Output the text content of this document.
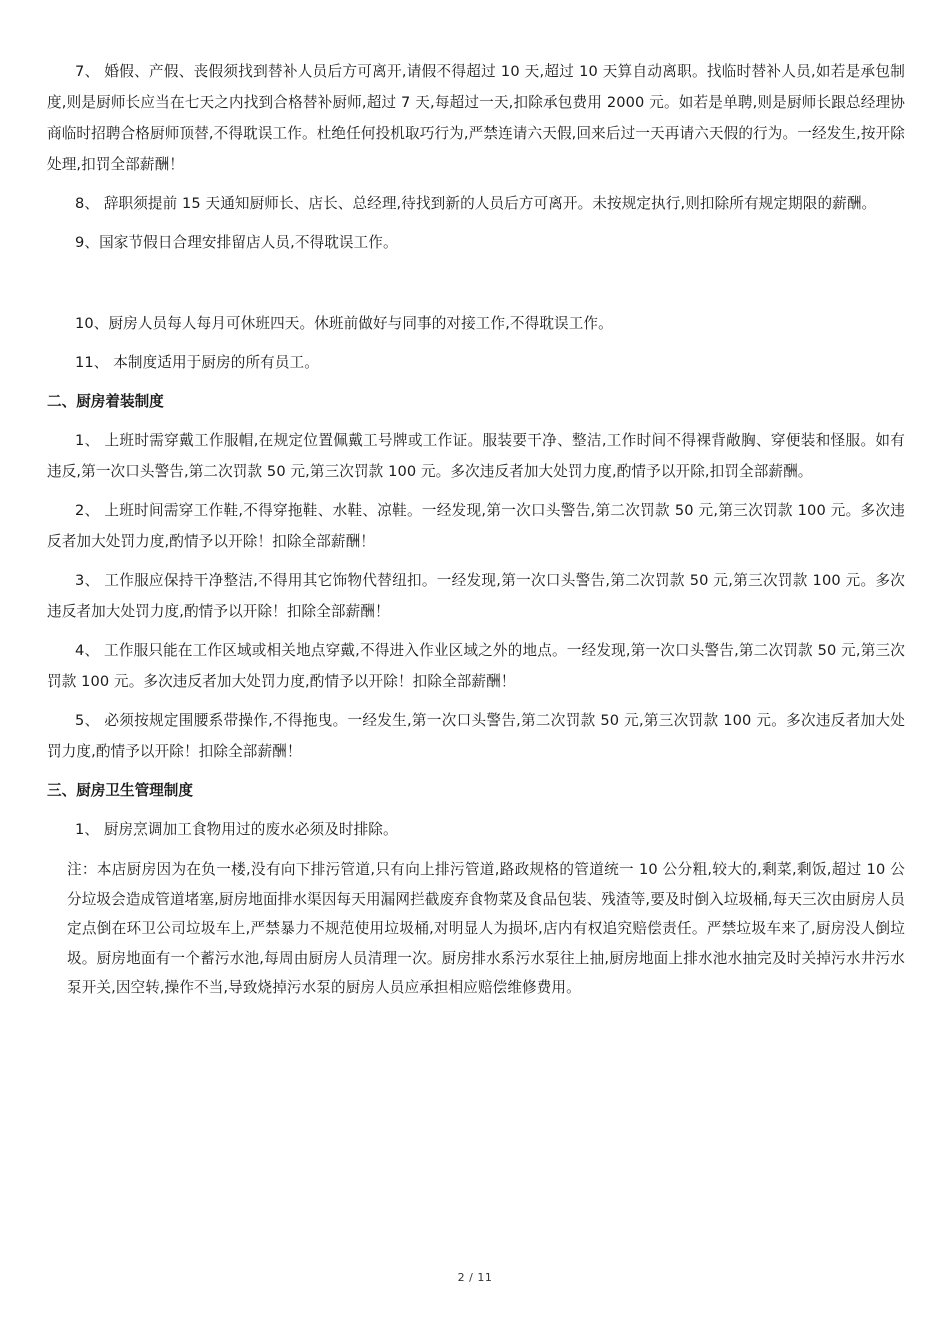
7、 婚假、产假、丧假须找到替补人员后方可离开,请假不得超过 10 天,超过 10 天算自动离职。找临时替补人员,如若是承包制度,则是厨师长应当在七天之内找到合格替补厨师,超过 7 天,每超过一天,扣除承包费用 2000 元。如若是单聘,则是厨师长跟总经理协商临时招聘合格厨师顶替,不得耽误工作。杜绝任何投机取巧行为,严禁连请六天假,回来后过一天再请六天假的行为。一经发生,按开除处理,扣罚全部薪酬！

8、 辞职须提前 15 天通知厨师长、店长、总经理,待找到新的人员后方可离开。未按规定执行,则扣除所有规定期限的薪酬。

9、国家节假日合理安排留店人员,不得耽误工作。

10、厨房人员每人每月可休班四天。休班前做好与同事的对接工作,不得耽误工作。

11、 本制度适用于厨房的所有员工。

二、厨房着装制度

1、 上班时需穿戴工作服帽,在规定位置佩戴工号牌或工作证。服装要干净、整洁,工作时间不得裸背敞胸、穿便装和怪服。如有违反,第一次口头警告,第二次罚款 50 元,第三次罚款 100 元。多次违反者加大处罚力度,酌情予以开除,扣罚全部薪酬。

2、 上班时间需穿工作鞋,不得穿拖鞋、水鞋、凉鞋。一经发现,第一次口头警告,第二次罚款 50 元,第三次罚款 100 元。多次违反者加大处罚力度,酌情予以开除！扣除全部薪酬！

3、 工作服应保持干净整洁,不得用其它饰物代替纽扣。一经发现,第一次口头警告,第二次罚款 50 元,第三次罚款 100 元。多次违反者加大处罚力度,酌情予以开除！扣除全部薪酬！

4、 工作服只能在工作区域或相关地点穿戴,不得进入作业区域之外的地点。一经发现,第一次口头警告,第二次罚款 50 元,第三次罚款 100 元。多次违反者加大处罚力度,酌情予以开除！扣除全部薪酬！

5、 必须按规定围腰系带操作,不得拖曳。一经发生,第一次口头警告,第二次罚款 50 元,第三次罚款 100 元。多次违反者加大处罚力度,酌情予以开除！扣除全部薪酬！

三、厨房卫生管理制度

1、 厨房烹调加工食物用过的废水必须及时排除。

注：本店厨房因为在负一楼,没有向下排污管道,只有向上排污管道,路政规格的管道统一 10 公分粗,较大的,剩菜,剩饭,超过 10 公分垃圾会造成管道堵塞,厨房地面排水渠因每天用漏网拦截废弃食物菜及食品包装、残渣等,要及时倒入垃圾桶,每天三次由厨房人员定点倒在环卫公司垃圾车上,严禁暴力不规范使用垃圾桶,对明显人为损坏,店内有权追究赔偿责任。严禁垃圾车来了,厨房没人倒垃圾。厨房地面有一个蓄污水池,每周由厨房人员清理一次。厨房排水系污水泵往上抽,厨房地面上排水池水抽完及时关掉污水井污水泵开关,因空转,操作不当,导致烧掉污水泵的厨房人员应承担相应赔偿维修费用。

2 / 11
